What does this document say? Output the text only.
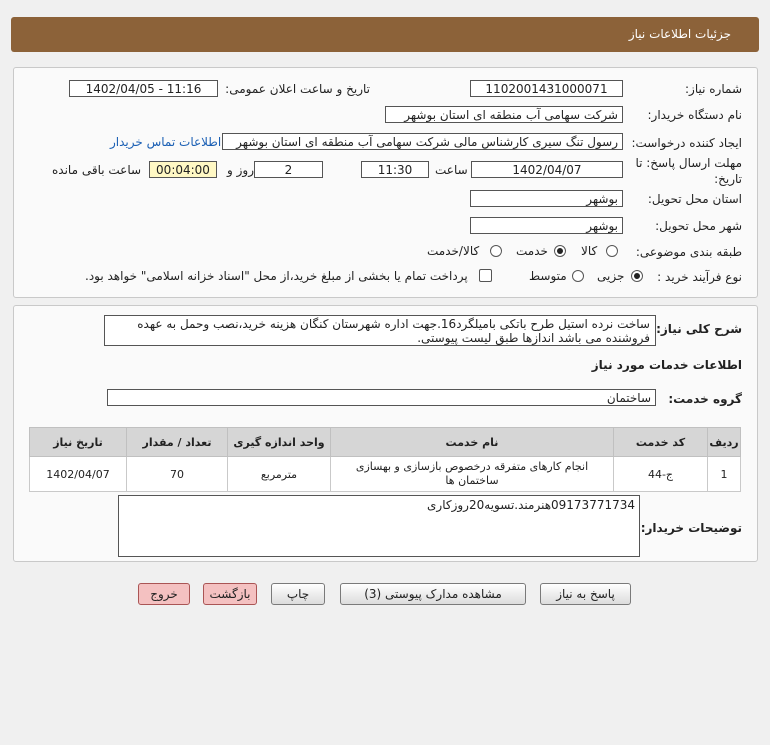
جزئیات اطلاعات نیاز
شماره نیاز:
1102001431000071
تاریخ و ساعت اعلان عمومی:
1402/04/05 - 11:16
نام دستگاه خریدار:
شرکت سهامی آب منطقه ای استان بوشهر
ایجاد کننده درخواست:
رسول تنگ سیری کارشناس مالی شرکت سهامی آب منطقه ای استان بوشهر
اطلاعات تماس خریدار
مهلت ارسال پاسخ: تا
تاریخ:
1402/04/07
ساعت
11:30
2
روز و
00:04:00
ساعت باقی مانده
استان محل تحویل:
بوشهر
شهر محل تحویل:
بوشهر
طبقه بندی موضوعی:
کالا
خدمت
کالا/خدمت
نوع فرآیند خرید :
جزیی
متوسط
پرداخت تمام یا بخشی از مبلغ خرید،از محل "اسناد خزانه اسلامی" خواهد بود.
شرح کلی نیاز:
ساخت نرده استیل طرح باتکی بامیلگرد16.جهت اداره شهرستان کنگان هزینه خرید،نصب وحمل به عهده فروشنده می باشد اندازها طبق لیست پیوستی.
اطلاعات خدمات مورد نیاز
گروه خدمت:
ساختمان
ردیف	کد خدمت	نام خدمت	واحد اندازه گیری	تعداد / مقدار	تاریخ نیاز
1	ج-44	انجام کارهای متفرقه درخصوص بازسازی و بهسازی ساختمان ها	مترمربع	70	1402/04/07
توضیحات خریدار:
09173771734هنرمند.تسویه20روزکاری
پاسخ به نیاز
مشاهده مدارک پیوستی (3)
چاپ
بازگشت
خروج
